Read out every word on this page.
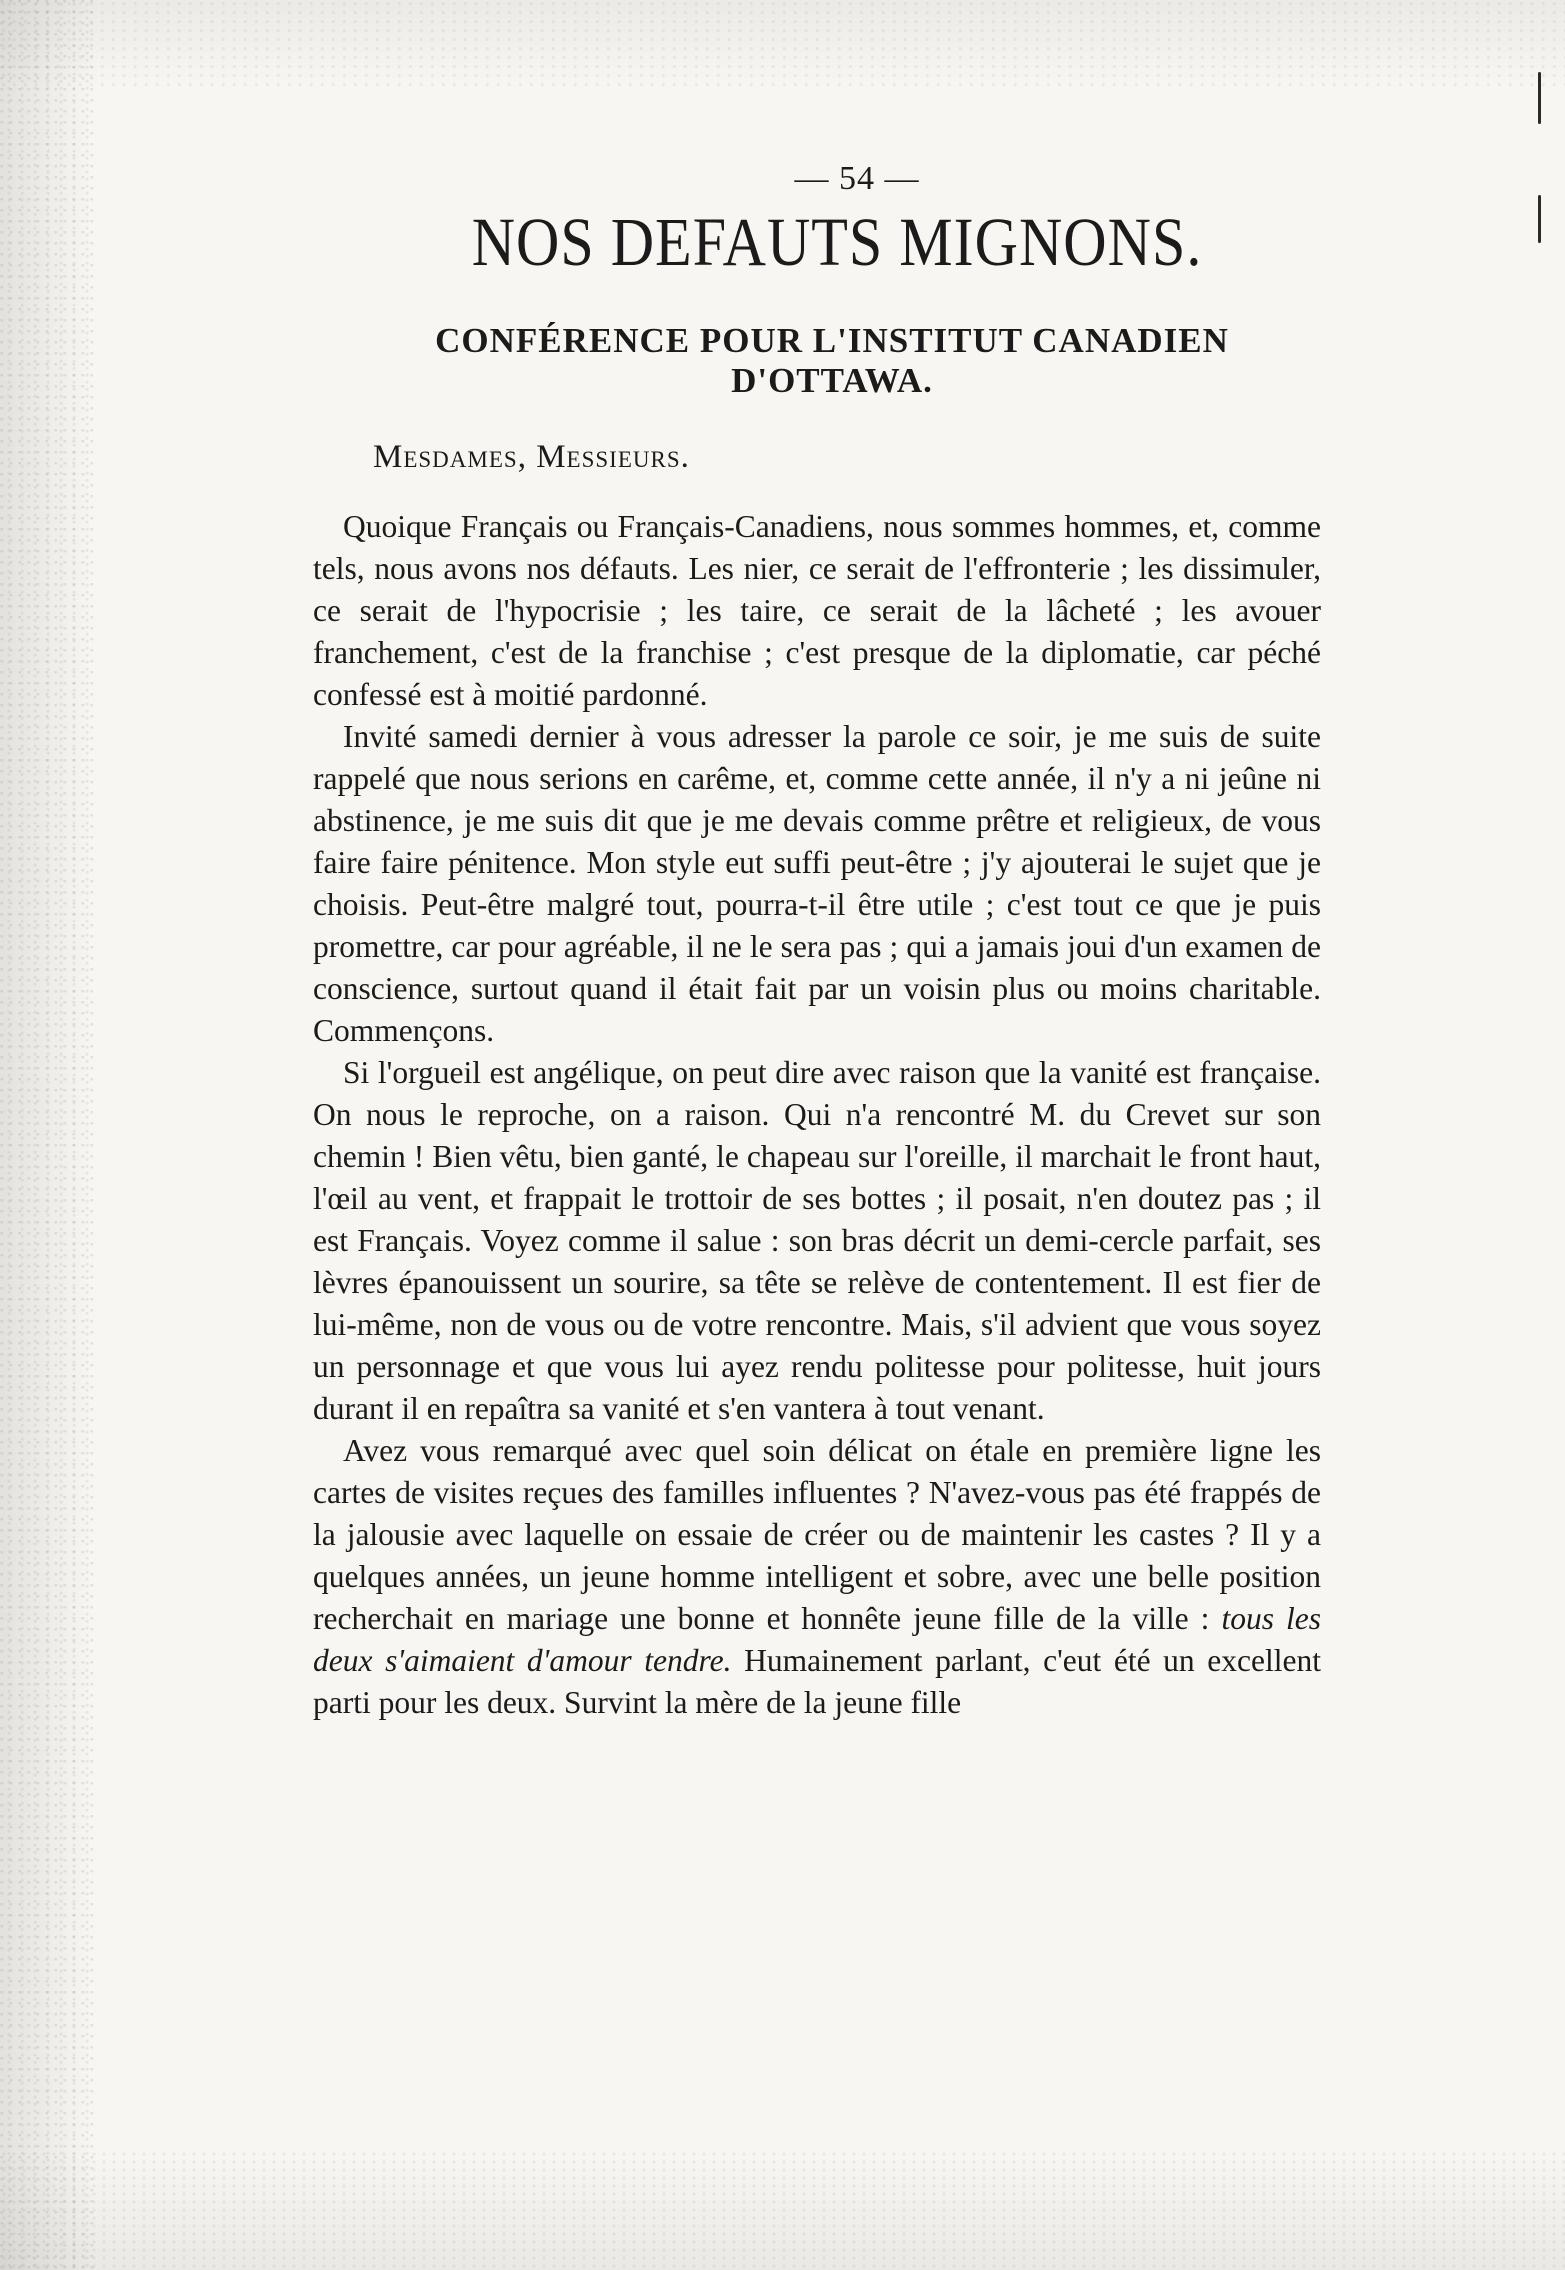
— 54 —
NOS DEFAUTS MIGNONS.
CONFÉRENCE POUR L'INSTITUT CANADIEN D'OTTAWA.
Mesdames, Messieurs.

Quoique Français ou Français-Canadiens, nous sommes hommes, et, comme tels, nous avons nos défauts. Les nier, ce serait de l'effronterie ; les dissimuler, ce serait de l'hypocrisie ; les taire, ce serait de la lâcheté ; les avouer franchement, c'est de la franchise ; c'est presque de la diplomatie, car péché confessé est à moitié pardonné.

Invité samedi dernier à vous adresser la parole ce soir, je me suis de suite rappelé que nous serions en carême, et, comme cette année, il n'y a ni jeûne ni abstinence, je me suis dit que je me devais comme prêtre et religieux, de vous faire faire pénitence. Mon style eut suffi peut-être ; j'y ajouterai le sujet que je choisis. Peut-être malgré tout, pourra-t-il être utile ; c'est tout ce que je puis promettre, car pour agréable, il ne le sera pas ; qui a jamais joui d'un examen de conscience, surtout quand il était fait par un voisin plus ou moins charitable. Commençons.

Si l'orgueil est angélique, on peut dire avec raison que la vanité est française. On nous le reproche, on a raison. Qui n'a rencontré M. du Crevet sur son chemin ! Bien vêtu, bien ganté, le chapeau sur l'oreille, il marchait le front haut, l'œil au vent, et frappait le trottoir de ses bottes ; il posait, n'en doutez pas ; il est Français. Voyez comme il salue : son bras décrit un demi-cercle parfait, ses lèvres épanouissent un sourire, sa tête se relève de contentement. Il est fier de lui-même, non de vous ou de votre rencontre. Mais, s'il advient que vous soyez un personnage et que vous lui ayez rendu politesse pour politesse, huit jours durant il en repaîtra sa vanité et s'en vantera à tout venant.

Avez vous remarqué avec quel soin délicat on étale en première ligne les cartes de visites reçues des familles influentes ? N'avez-vous pas été frappés de la jalousie avec laquelle on essaie de créer ou de maintenir les castes ? Il y a quelques années, un jeune homme intelligent et sobre, avec une belle position recherchait en mariage une bonne et honnête jeune fille de la ville : tous les deux s'aimaient d'amour tendre. Humainement parlant, c'eut été un excellent parti pour les deux. Survint la mère de la jeune fille
